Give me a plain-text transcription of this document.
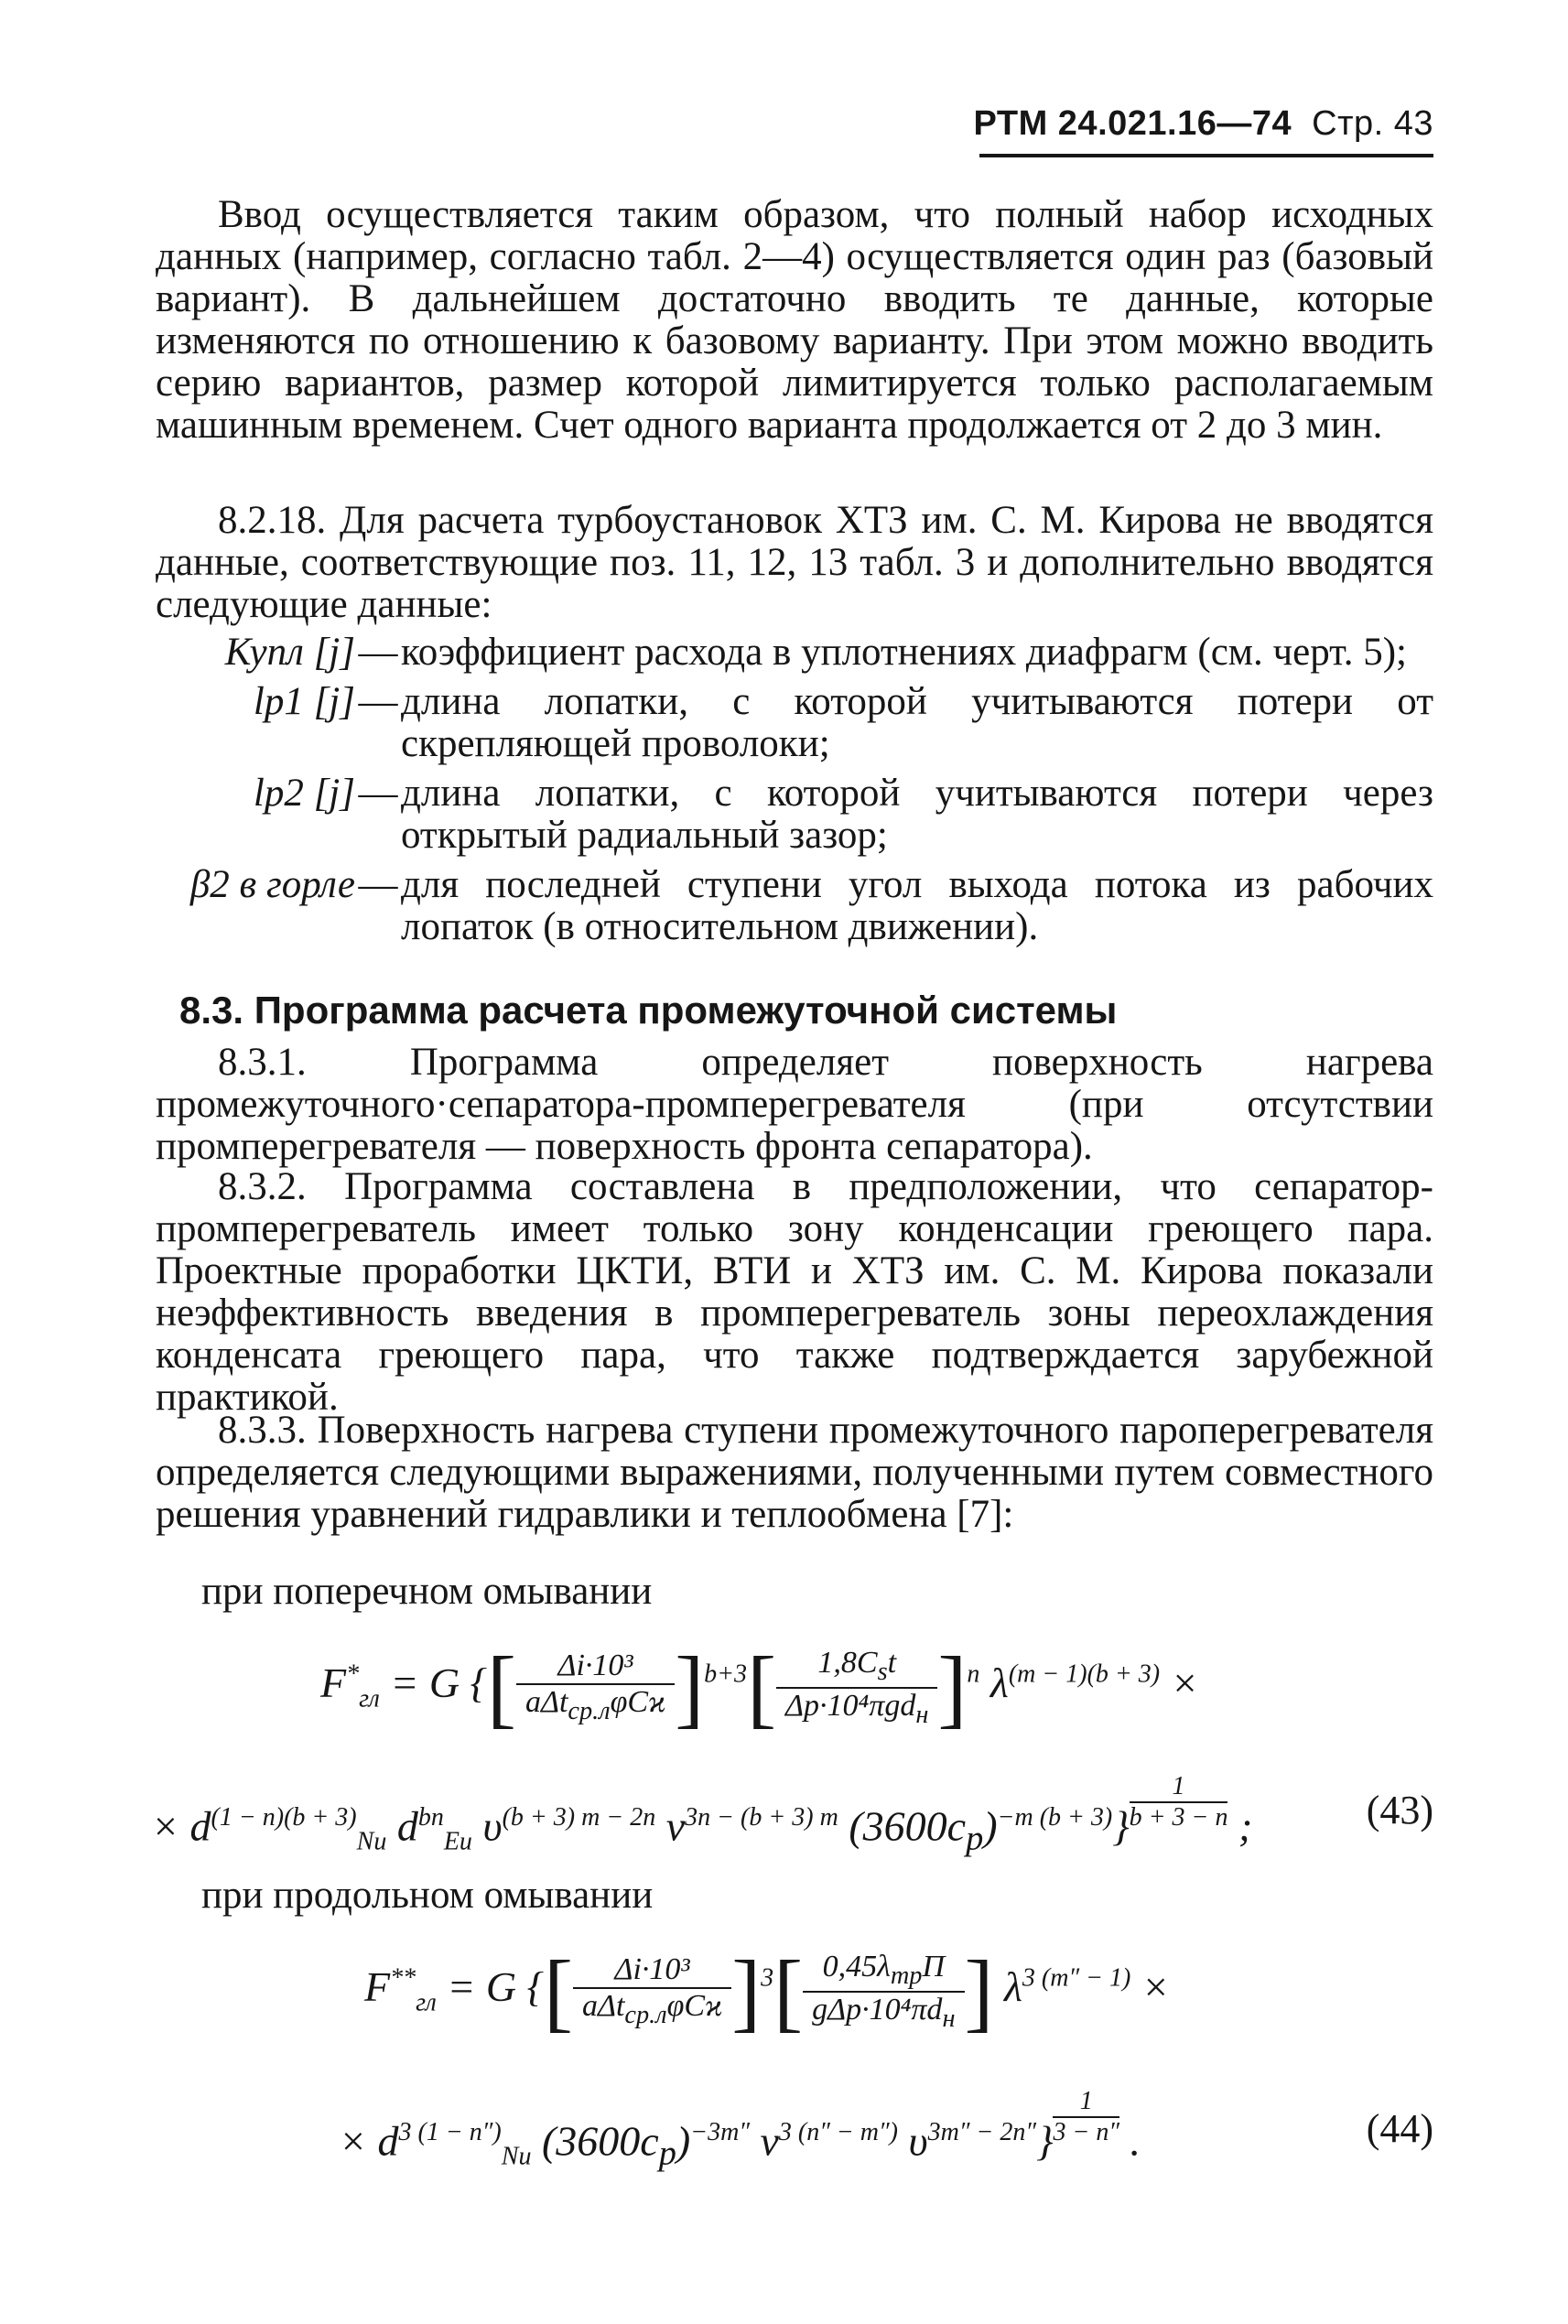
РТМ 24.021.16—74 Стр. 43
Ввод осуществляется таким образом, что полный набор исходных данных (например, согласно табл. 2—4) осуществляется один раз (базовый вариант). В дальнейшем достаточно вводить те данные, которые изменяются по отношению к базовому варианту. При этом можно вводить серию вариантов, размер которой лимитируется только располагаемым машинным временем. Счет одного варианта продолжается от 2 до 3 мин.
8.2.18. Для расчета турбоустановок ХТЗ им. С. М. Кирова не вводятся данные, соответствующие поз. 11, 12, 13 табл. 3 и дополнительно вводятся следующие данные:
Купл [j] — коэффициент расхода в уплотнениях диафрагм (см. черт. 5);
lp1 [j] — длина лопатки, с которой учитываются потери от скрепляющей проволоки;
lp2 [j] — длина лопатки, с которой учитываются потери через открытый радиальный зазор;
β2 в горле — для последней ступени угол выхода потока из рабочих лопаток (в относительном движении).
8.3. Программа расчета промежуточной системы
8.3.1. Программа определяет поверхность нагрева промежуточного·сепаратора-промперегревателя (при отсутствии промперегревателя — поверхность фронта сепаратора).
8.3.2. Программа составлена в предположении, что сепаратор-промперегреватель имеет только зону конденсации греющего пара. Проектные проработки ЦКТИ, ВТИ и ХТЗ им. С. М. Кирова показали неэффективность введения в промперегреватель зоны переохлаждения конденсата греющего пара, что также подтверждается зарубежной практикой.
8.3.3. Поверхность нагрева ступени промежуточного пароперегревателя определяется следующими выражениями, полученными путем совместного решения уравнений гидравлики и теплообмена [7]:
при поперечном омывании
$F^*_{гл} = G$ {[ $\frac{\text{Δi·10³}}{a\Delta t_{ср.л}\varphi Cϰ} ]^{b+3}[ \frac{1,8C_st}{\Delta p\cdot 10^4\pi gd_н} ]^n$ $\lambda^{(m - 1)(b + 3)}$ ×
× $d^{(1 - n)(b + 3)}_{Nu}$ $d^{bn}_{Eu}$ $\upsilon^{(b + 3) m - 2n}$ $\nu^{3n - (b + 3) m}$ $(3600c_p)^{-m (b + 3)}\} \frac{1}{b + 3 - n}$ ;	(43)
при продольном омывании
$F^{**}_{гл} = G$ {[ $\frac{\text{Δi·10³}}{a\Delta t_{ср.л}\varphi Cϰ} ]^3[ \frac{0,45\lambda_{тр}П}{g\Delta p\cdot 10^4\pi d_н}$ ] $\lambda^{3 (m'' - 1)}$ ×
× $d^{3 (1 - n'')}_{Nu}$ $(3600c_p)^{-3m''}$ $\nu^{3 (n'' - m'')}$ $\upsilon^{3m'' - 2n''}\} \frac{1}{3 - n''}$ .	(44)
